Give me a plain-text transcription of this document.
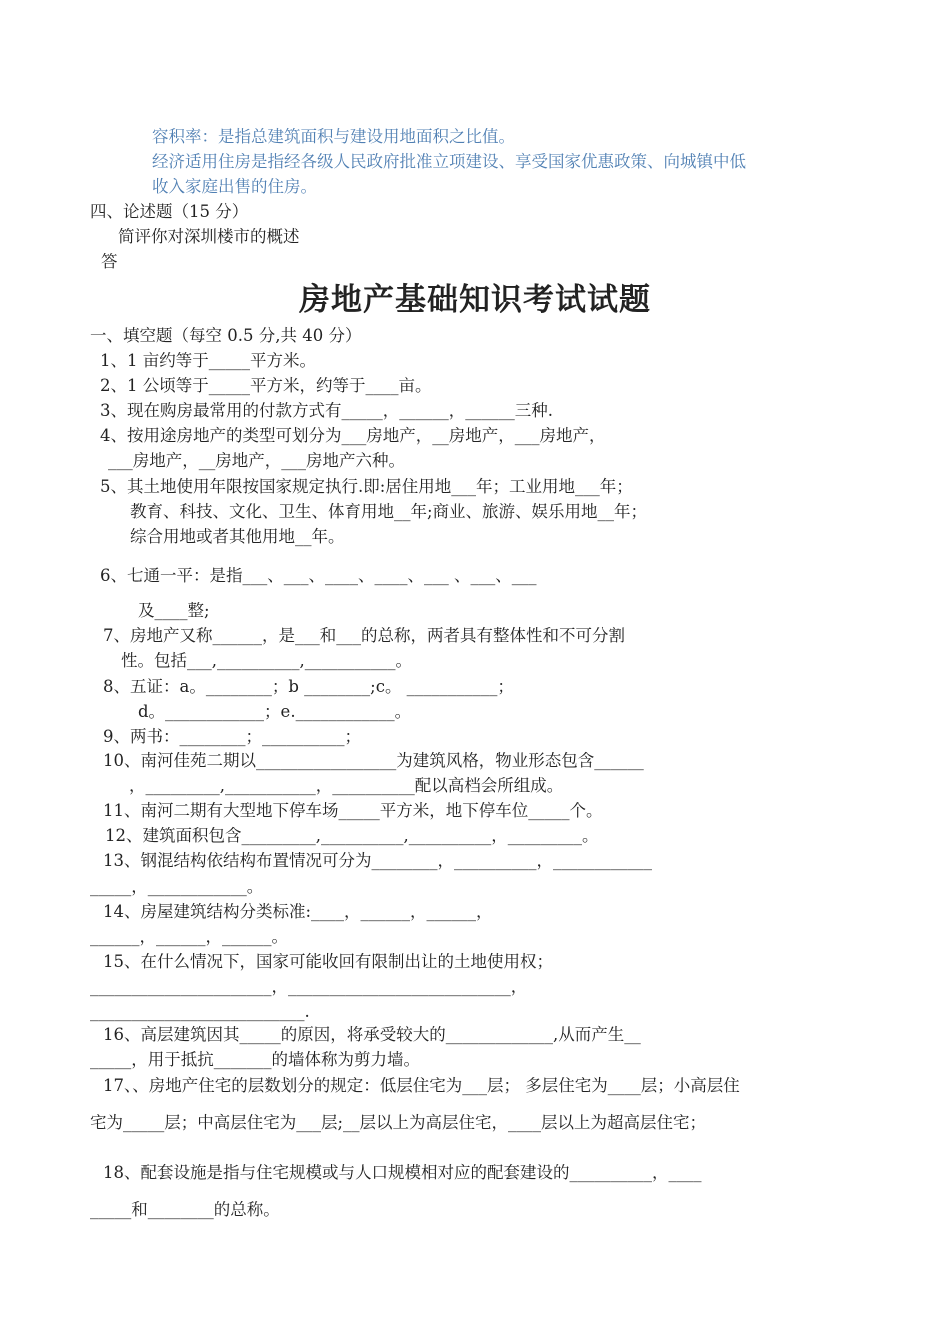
容积率：是指总建筑面积与建设用地面积之比值。
经济适用住房是指经各级人民政府批准立项建设、享受国家优惠政策、向城镇中低
收入家庭出售的住房。
四、论述题（15 分）
简评你对深圳楼市的概述
答
房地产基础知识考试试题
一、填空题（每空 0.5 分,共 40 分）
1、1 亩约等于_____平方米。
2、1 公顷等于_____平方米，约等于____亩。
3、现在购房最常用的付款方式有_____，______，______三种.
4、按用途房地产的类型可划分为___房地产，__房地产，___房地产，
___房地产，__房地产，___房地产六种。
5、其土地使用年限按国家规定执行.即:居住用地___年；工业用地___年；
教育、科技、文化、卫生、体育用地__年;商业、旅游、娱乐用地__年；
综合用地或者其他用地__年。
6、七通一平：是指___、___、____、____、___ 、___、___
及____整;
7、房地产又称______，是___和___的总称，两者具有整体性和不可分割
性。包括___,__________,___________。
8、五证：a。________；b ________;c。 ___________；
d。____________；e.____________。
9、两书：________；__________；
10、南河佳苑二期以_________________为建筑风格，物业形态包含______
，_________,___________，__________配以高档会所组成。
11、南河二期有大型地下停车场_____平方米，地下停车位_____个。
12、建筑面积包含_________,__________,__________，_________。
13、钢混结构依结构布置情况可分为________，__________，____________
_____，____________。
14、房屋建筑结构分类标准:____，______，______，
______，______，______。
15、在什么情况下，国家可能收回有限制出让的土地使用权；
______________________，___________________________，
__________________________.
16、高层建筑因其_____的原因，将承受较大的_____________,从而产生__
_____，用于抵抗_______的墙体称为剪力墙。
17、、房地产住宅的层数划分的规定：低层住宅为___层； 多层住宅为____层；小高层住
宅为_____层；中高层住宅为___层;__层以上为高层住宅，____层以上为超高层住宅；
18、配套设施是指与住宅规模或与人口规模相对应的配套建设的__________，____
_____和________的总称。
